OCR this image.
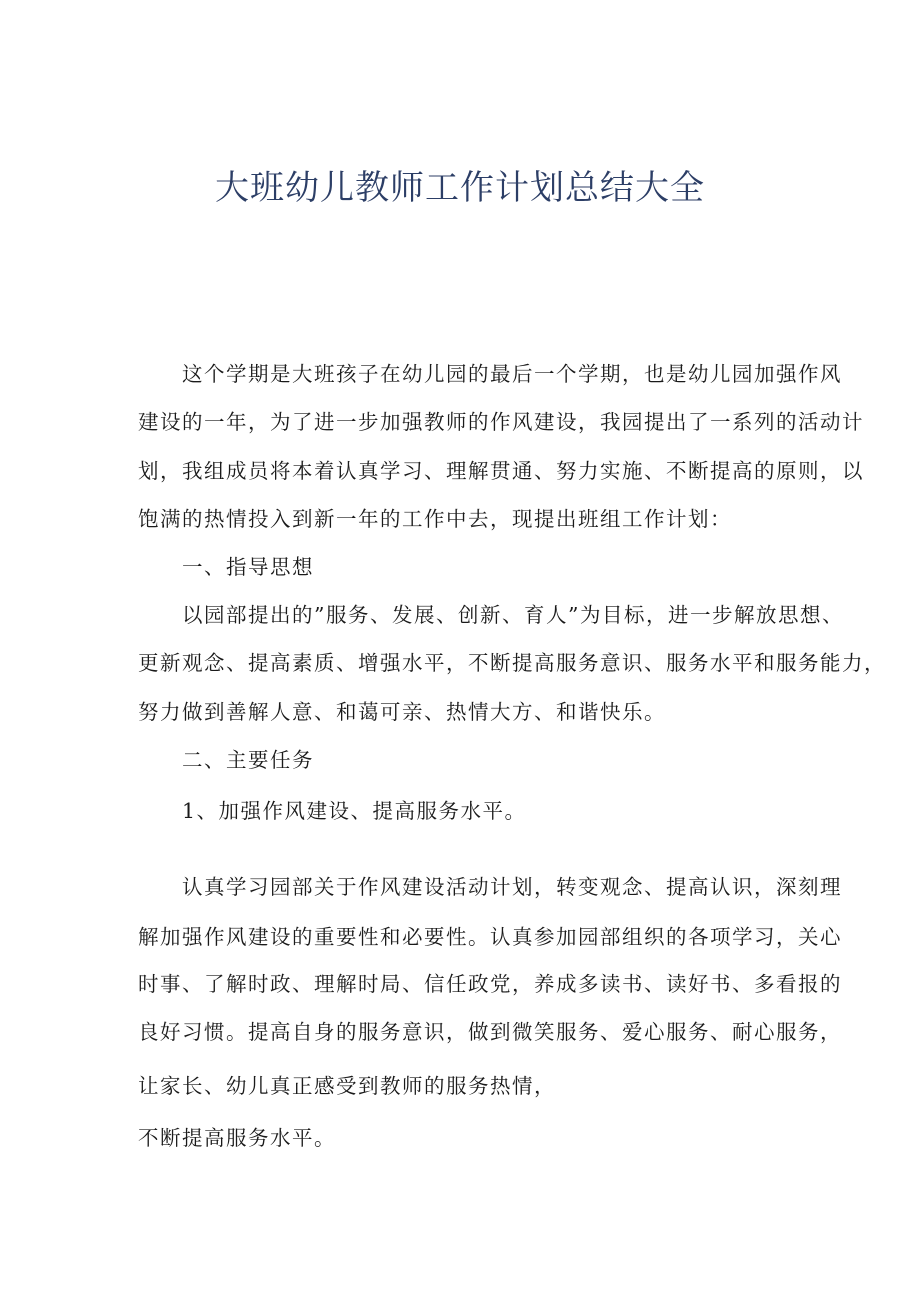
大班幼儿教师工作计划总结大全
这个学期是大班孩子在幼儿园的最后一个学期，也是幼儿园加强作风
建设的一年，为了进一步加强教师的作风建设，我园提出了一系列的活动计
划，我组成员将本着认真学习、理解贯通、努力实施、不断提高的原则，以
饱满的热情投入到新一年的工作中去，现提出班组工作计划：
一、指导思想
以园部提出的”服务、发展、创新、育人”为目标，进一步解放思想、
更新观念、提高素质、增强水平，不断提高服务意识、服务水平和服务能力，
努力做到善解人意、和蔼可亲、热情大方、和谐快乐。
二、主要任务
1、加强作风建设、提高服务水平。
认真学习园部关于作风建设活动计划，转变观念、提高认识，深刻理
解加强作风建设的重要性和必要性。认真参加园部组织的各项学习，关心
时事、了解时政、理解时局、信任政党，养成多读书、读好书、多看报的
良好习惯。提高自身的服务意识，做到微笑服务、爱心服务、耐心服务，
让家长、幼儿真正感受到教师的服务热情，
不断提高服务水平。
